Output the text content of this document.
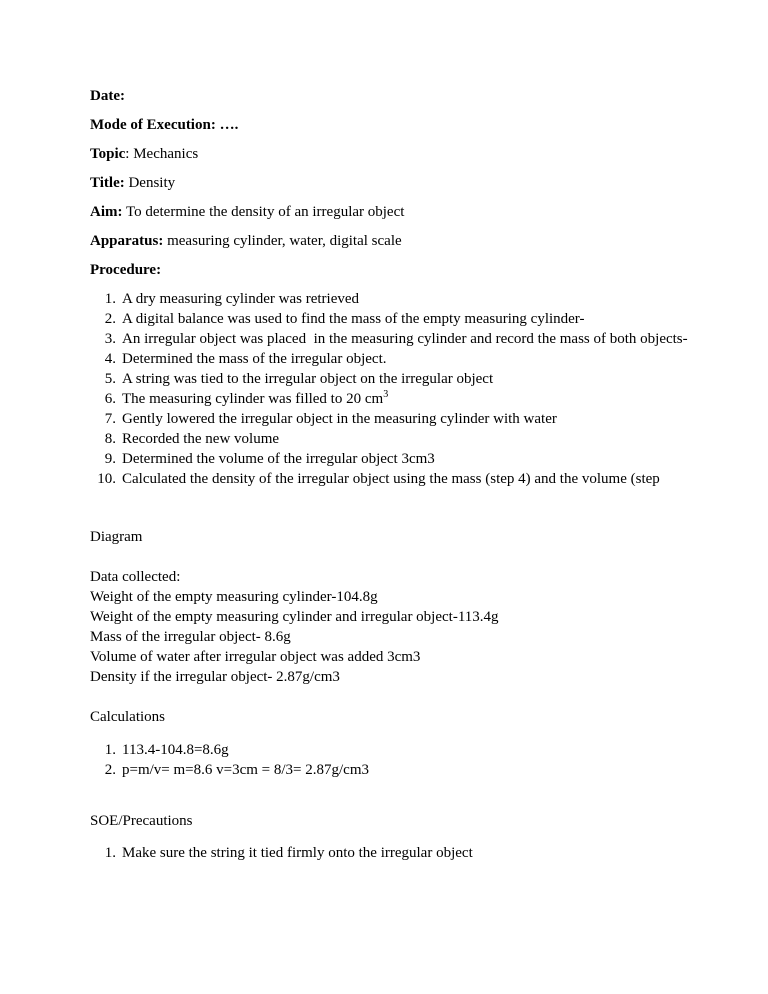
Date:

Mode of Execution: ….

Topic: Mechanics

Title: Density

Aim: To determine the density of an irregular object

Apparatus: measuring cylinder, water, digital scale

Procedure:

1. A dry measuring cylinder was retrieved
2. A digital balance was used to find the mass of the empty measuring cylinder-
3. An irregular object was placed  in the measuring cylinder and record the mass of both objects-
4. Determined the mass of the irregular object.
5. A string was tied to the irregular object on the irregular object
6. The measuring cylinder was filled to 20 $cm^3$
7. Gently lowered the irregular object in the measuring cylinder with water
8. Recorded the new volume
9. Determined the volume of the irregular object 3cm3
10. Calculated the density of the irregular object using the mass (step 4) and the volume (step

Diagram

Data collected:

Weight of the empty measuring cylinder-104.8g

Weight of the empty measuring cylinder and irregular object-113.4g

Mass of the irregular object- 8.6g

Volume of water after irregular object was added 3cm3

Density if the irregular object- 2.87g/cm3

Calculations

1. 113.4-104.8=8.6g
2. p=m/v= m=8.6 v=3cm = 8/3= 2.87g/cm3

SOE/Precautions

1. Make sure the string it tied firmly onto the irregular object
